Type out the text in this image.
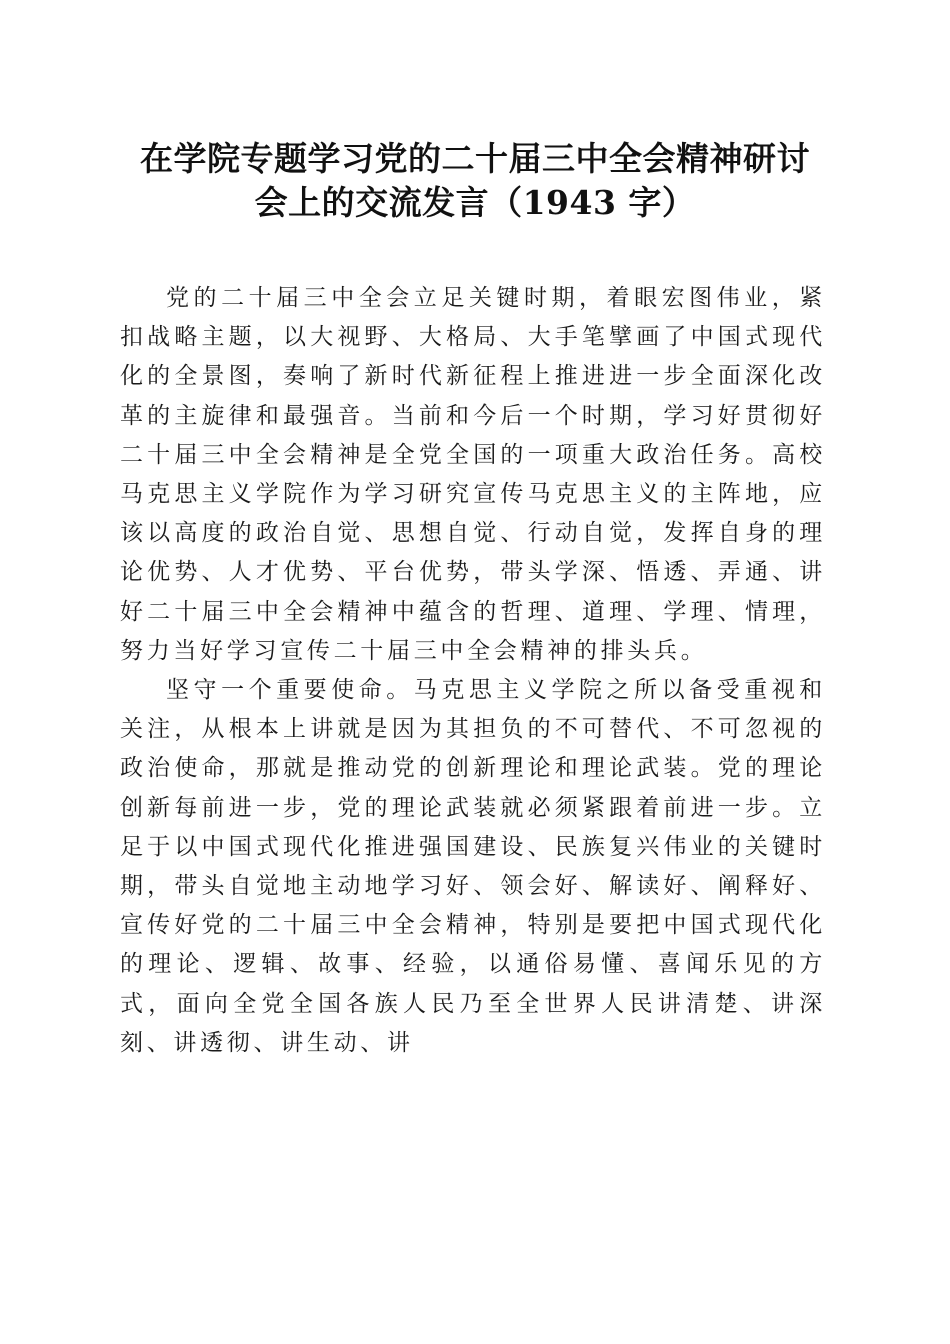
在学院专题学习党的二十届三中全会精神研讨
会上的交流发言（1943 字）

党的二十届三中全会立足关键时期，着眼宏图伟业，紧扣战略主题，以大视野、大格局、大手笔擘画了中国式现代化的全景图，奏响了新时代新征程上推进进一步全面深化改革的主旋律和最强音。当前和今后一个时期，学习好贯彻好二十届三中全会精神是全党全国的一项重大政治任务。高校马克思主义学院作为学习研究宣传马克思主义的主阵地，应该以高度的政治自觉、思想自觉、行动自觉，发挥自身的理论优势、人才优势、平台优势，带头学深、悟透、弄通、讲好二十届三中全会精神中蕴含的哲理、道理、学理、情理，努力当好学习宣传二十届三中全会精神的排头兵。

坚守一个重要使命。马克思主义学院之所以备受重视和关注，从根本上讲就是因为其担负的不可替代、不可忽视的政治使命，那就是推动党的创新理论和理论武装。党的理论创新每前进一步，党的理论武装就必须紧跟着前进一步。立足于以中国式现代化推进强国建设、民族复兴伟业的关键时期，带头自觉地主动地学习好、领会好、解读好、阐释好、宣传好党的二十届三中全会精神，特别是要把中国式现代化的理论、逻辑、故事、经验，以通俗易懂、喜闻乐见的方式，面向全党全国各族人民乃至全世界人民讲清楚、讲深刻、讲透彻、讲生动、讲
